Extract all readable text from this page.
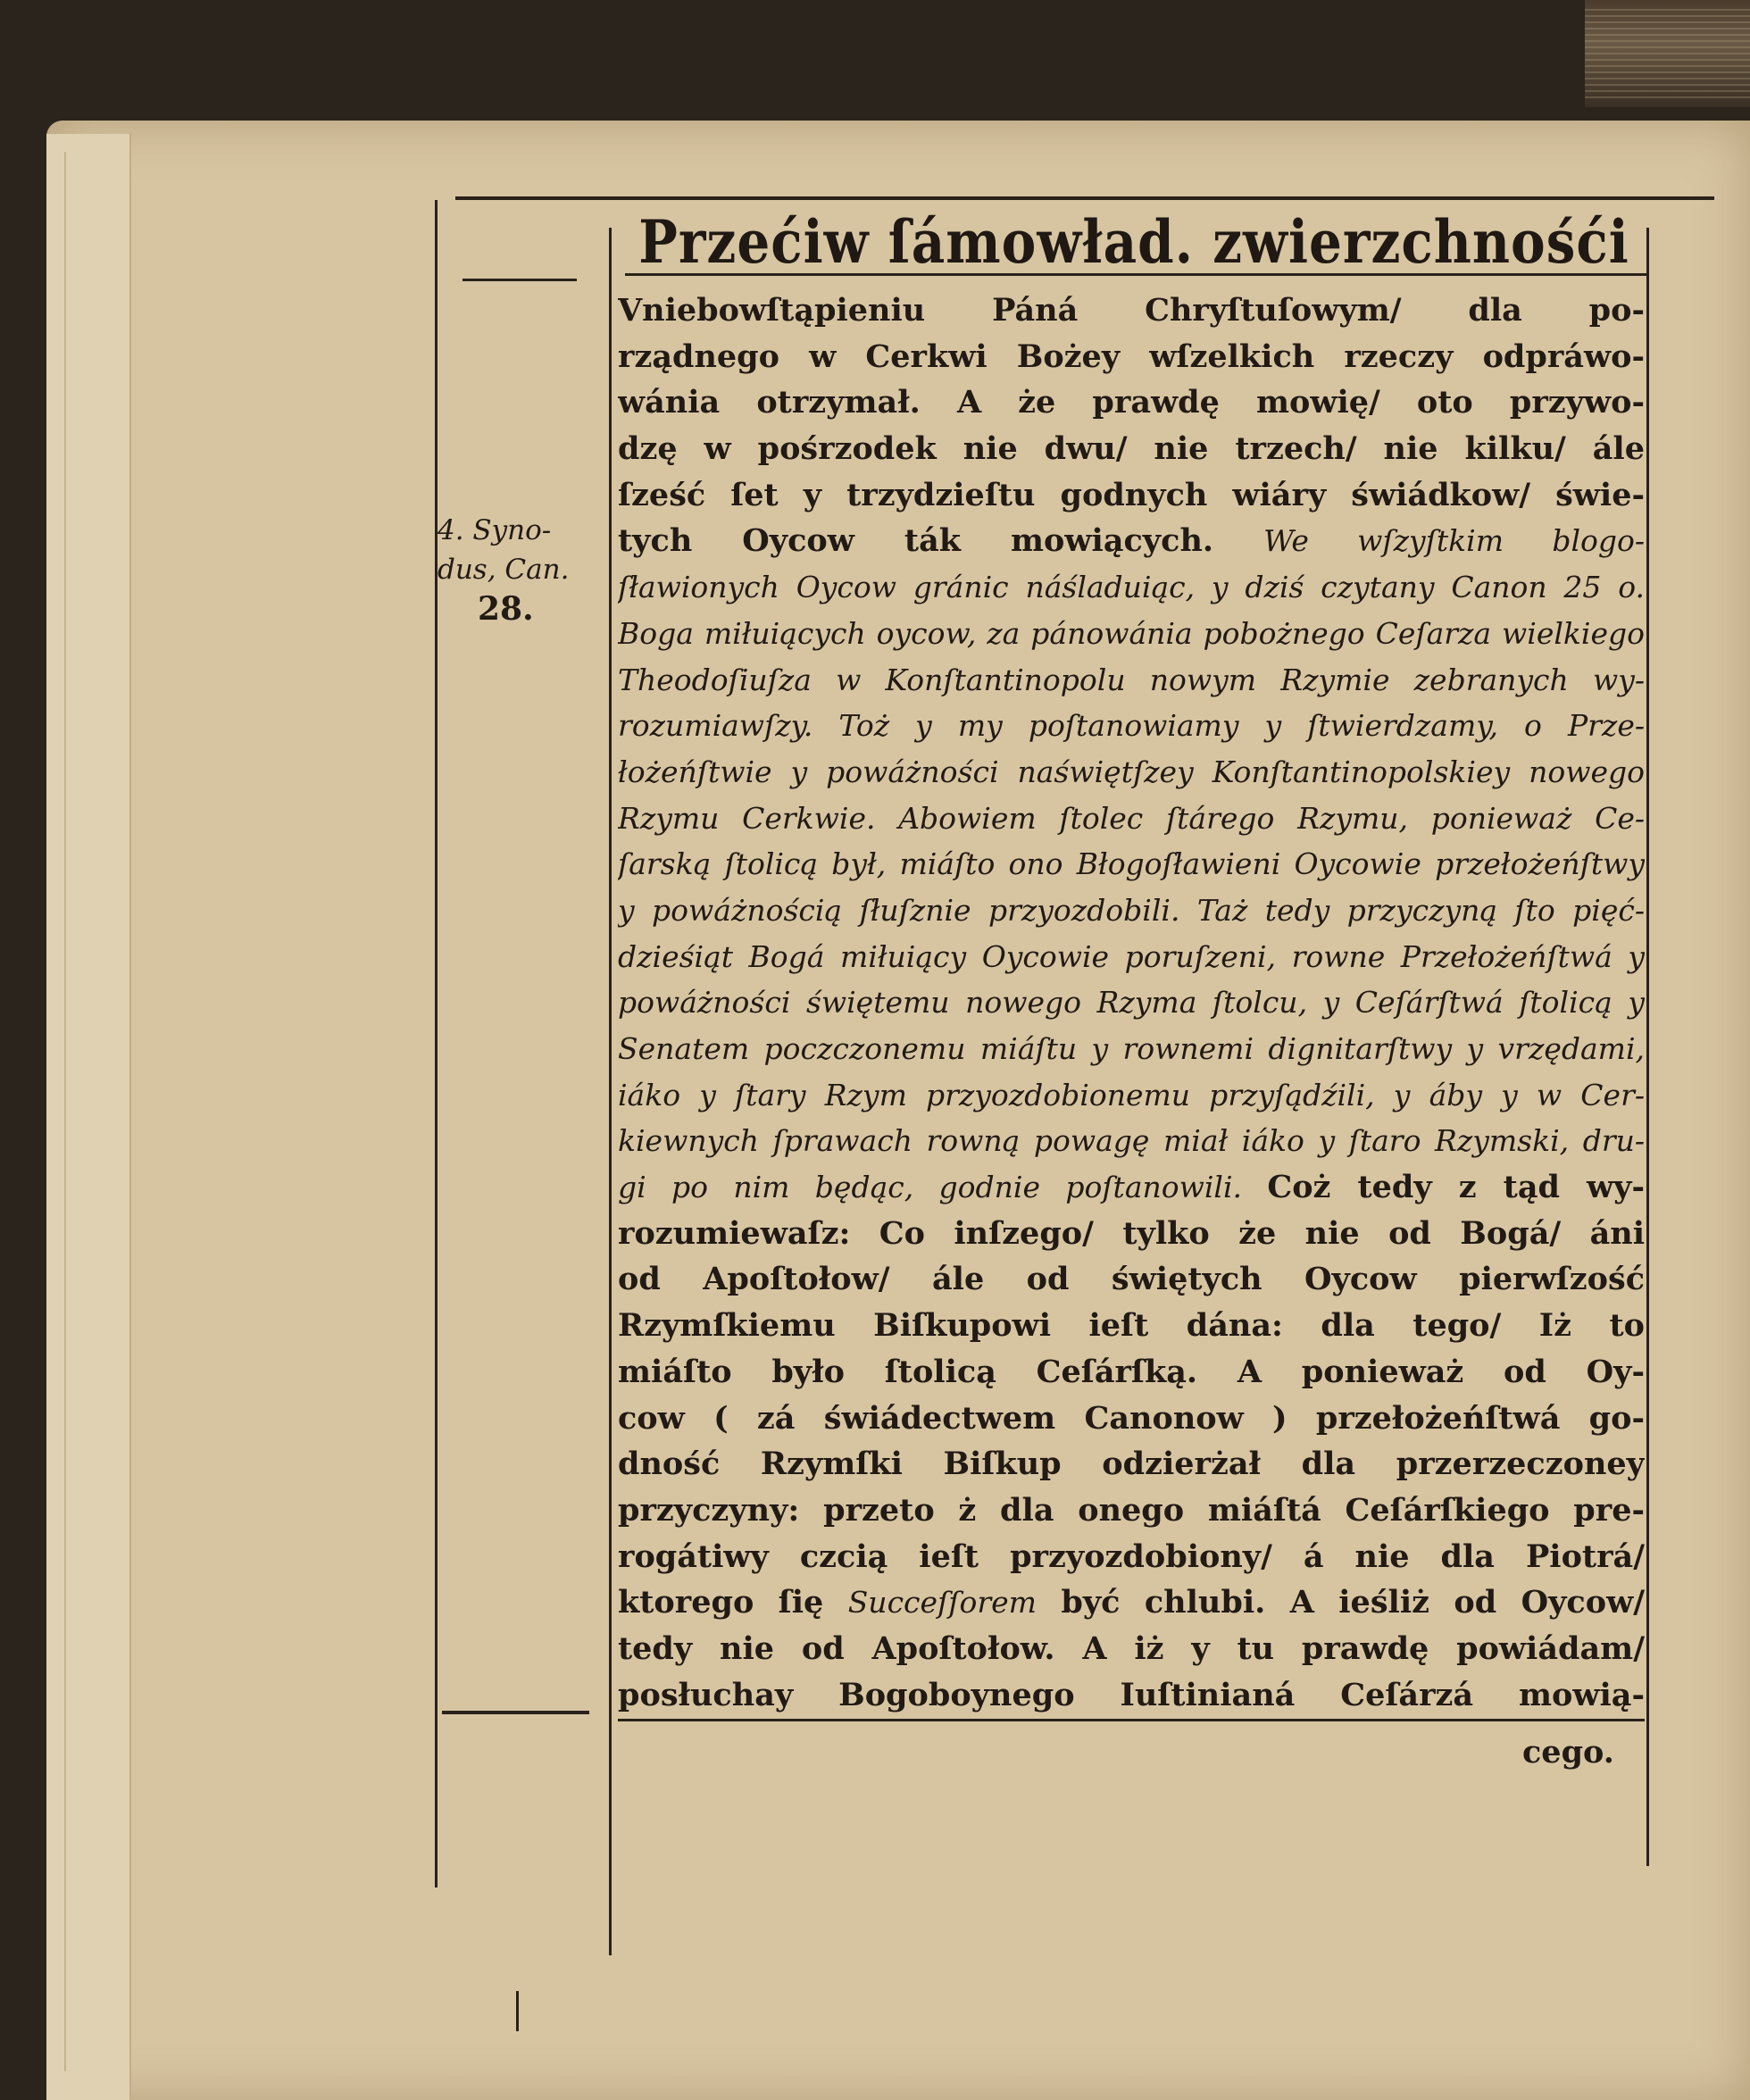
Przećiw ſámowład. zwierzchnośći
4. Syno-
dus, Can.
28.
Vniebowſtąpieniu Páná Chryſtuſowym/ dla po-
rządnego w Cerkwi Bożey wſzelkich rzeczy odpráwo-
wánia otrzymał. A że prawdę mowię/ oto przywo-
dzę w pośrzodek nie dwu/ nie trzech/ nie kilku/ ále
ſześć ſet y trzydzieſtu godnych wiáry świádkow/ świe-
tych Oycow ták mowiących. We wſzyſtkim blogo-
ſławionych Oycow gránic náśladuiąc, y dziś czytany Canon 25 o.
Boga miłuiących oycow, za pánowánia pobożnego Ceſarza wielkiego
Theodoſiuſza w Konſtantinopolu nowym Rzymie zebranych wy-
rozumiawſzy. Toż y my poſtanowiamy y ſtwierdzamy, o Prze-
łożeńſtwie y powáżności naświętſzey Konſtantinopolskiey nowego
Rzymu Cerkwie. Abowiem ſtolec ſtárego Rzymu, ponieważ Ce-
ſarską ſtolicą był, miáſto ono Błogoſławieni Oycowie przełożeńſtwy
y powáżnością ſłuſznie przyozdobili. Taż tedy przyczyną ſto pięć-
dzieśiąt Bogá miłuiący Oycowie poruſzeni, rowne Przełożeńſtwá y
powáżności świętemu nowego Rzyma ſtolcu, y Ceſárſtwá ſtolicą y
Senatem poczczonemu miáſtu y rownemi dignitarſtwy y vrzędami,
iáko y ſtary Rzym przyozdobionemu przyſądźili, y áby y w Cer-
kiewnych ſprawach rowną powagę miał iáko y ſtaro Rzymski, dru-
gi po nim będąc, godnie poſtanowili. Coż tedy z tąd wy-
rozumiewaſz: Co inſzego/ tylko że nie od Bogá/ áni
od Apoſtołow/ ále od świętych Oycow pierwſzość
Rzymſkiemu Biſkupowi ieſt dána: dla tego/ Iż to
miáſto było ſtolicą Ceſárſką. A ponieważ od Oy-
cow ( zá świádectwem Canonow ) przełożeńſtwá go-
dność Rzymſki Biſkup odzierżał dla przerzeczoney
przyczyny: przeto ż dla onego miáſtá Ceſárſkiego pre-
rogátiwy czcią ieſt przyozdobiony/ á nie dla Piotrá/
ktorego ſię Succeſſorem być chlubi. A ieśliż od Oycow/
tedy nie od Apoſtołow. A iż y tu prawdę powiádam/
posłuchay Bogoboynego Iuſtinianá Ceſárzá mowią-
cego.
